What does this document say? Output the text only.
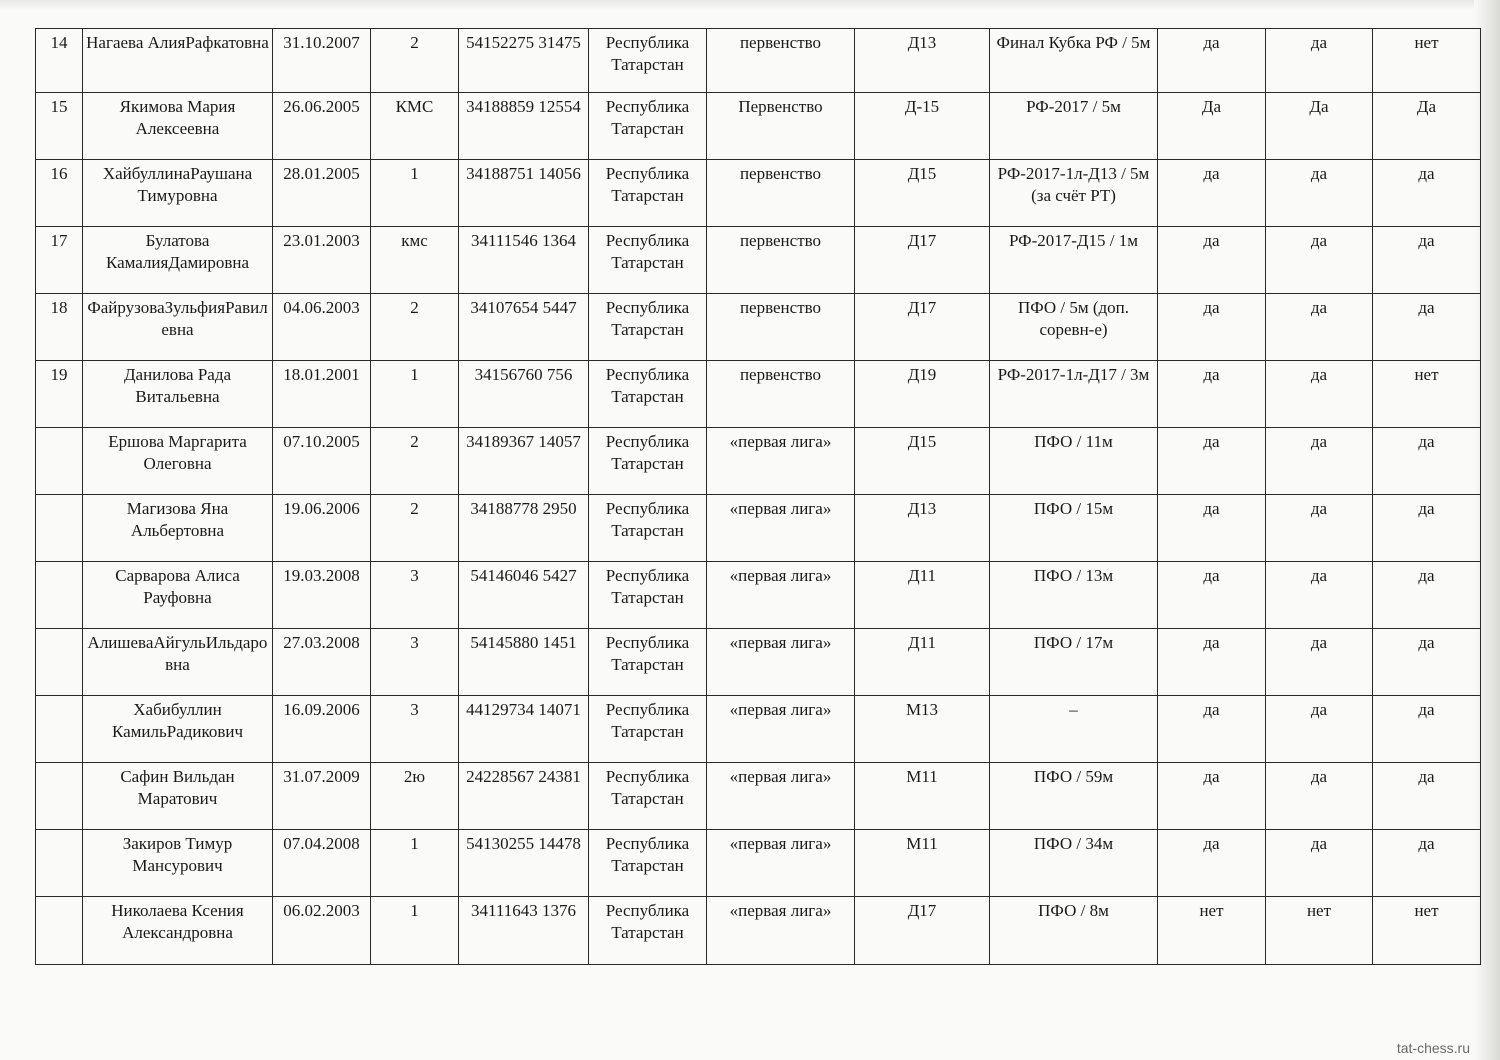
14	Нагаева АлияРафкатовна	31.10.2007	2	54152275 31475	Республика Татарстан	первенство	Д13	Финал Кубка РФ / 5м	да	да	нет
15	Якимова Мария Алексеевна	26.06.2005	КМС	34188859 12554	Республика Татарстан	Первенство	Д-15	РФ-2017 / 5м	Да	Да	Да
16	ХайбуллинаРаушана Тимуровна	28.01.2005	1	34188751 14056	Республика Татарстан	первенство	Д15	РФ-2017-1л-Д13 / 5м (за счёт РТ)	да	да	да
17	Булатова КамалияДамировна	23.01.2003	кмс	34111546 1364	Республика Татарстан	первенство	Д17	РФ-2017-Д15 / 1м	да	да	да
18	ФайрузоваЗульфияРавилевна	04.06.2003	2	34107654 5447	Республика Татарстан	первенство	Д17	ПФО / 5м (доп. соревн-е)	да	да	да
19	Данилова Рада Витальевна	18.01.2001	1	34156760 756	Республика Татарстан	первенство	Д19	РФ-2017-1л-Д17 / 3м	да	да	нет
	Ершова Маргарита Олеговна	07.10.2005	2	34189367 14057	Республика Татарстан	«первая лига»	Д15	ПФО / 11м	да	да	да
	Магизова Яна Альбертовна	19.06.2006	2	34188778 2950	Республика Татарстан	«первая лига»	Д13	ПФО / 15м	да	да	да
	Сарварова Алиса Рауфовна	19.03.2008	3	54146046 5427	Республика Татарстан	«первая лига»	Д11	ПФО / 13м	да	да	да
	АлишеваАйгульИльдаровна	27.03.2008	3	54145880 1451	Республика Татарстан	«первая лига»	Д11	ПФО / 17м	да	да	да
	Хабибуллин КамильРадикович	16.09.2006	3	44129734 14071	Республика Татарстан	«первая лига»	М13	–	да	да	да
	Сафин Вильдан Маратович	31.07.2009	2ю	24228567 24381	Республика Татарстан	«первая лига»	М11	ПФО / 59м	да	да	да
	Закиров Тимур Мансурович	07.04.2008	1	54130255 14478	Республика Татарстан	«первая лига»	М11	ПФО / 34м	да	да	да
	Николаева Ксения Александровна	06.02.2003	1	34111643 1376	Республика Татарстан	«первая лига»	Д17	ПФО / 8м	нет	нет	нет
tat-chess.ru
